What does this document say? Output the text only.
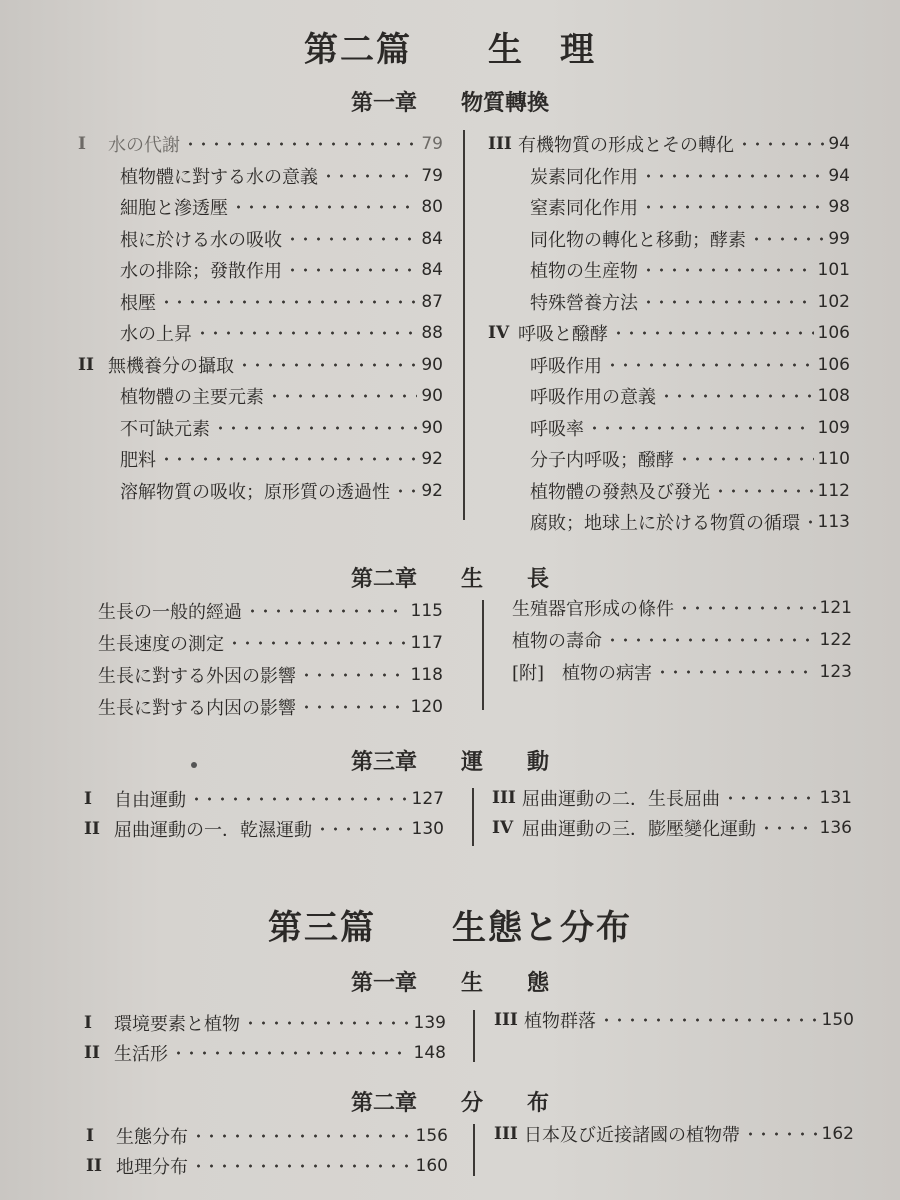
第二篇 生　理
第一章 物質轉換
I	水の代謝	79
植物體に對する水の意義	79
細胞と滲透壓	80
根に於ける水の吸收	84
水の排除；發散作用	84
根壓	87
水の上昇	88
II 無機養分の攝取	90
植物體の主要元素	90
不可缺元素	90
肥料	92
溶解物質の吸收；原形質の透過性 92
III 有機物質の形成とその轉化	94
炭素同化作用	94
窒素同化作用	98
同化物の轉化と移動；酵素	99
植物の生産物	101
特殊營養方法	102
IV 呼吸と醱酵	106
呼吸作用	106
呼吸作用の意義	108
呼吸率	109
分子内呼吸；醱酵	110
植物體の發熱及び發光	112
腐敗；地球上に於ける物質の循環 113
第二章 生　　長
生長の一般的經過	115
生長速度の測定	117
生長に對する外因の影響	118
生長に對する内因の影響	120
生殖器官形成の條件	121
植物の壽命	122
[附]　植物の病害	123
第三章 運　　動
I	自由運動	127
II 屈曲運動の一．乾濕運動	130
III 屈曲運動の二．生長屈曲	131
IV 屈曲運動の三．膨壓變化運動	136
第三篇 生態と分布
第一章 生　　態
I	環境要素と植物	139
II 生活形	148
III 植物群落	150
第二章 分　　布
I	生態分布	156
II 地理分布	160
III 日本及び近接諸國の植物帶	162
